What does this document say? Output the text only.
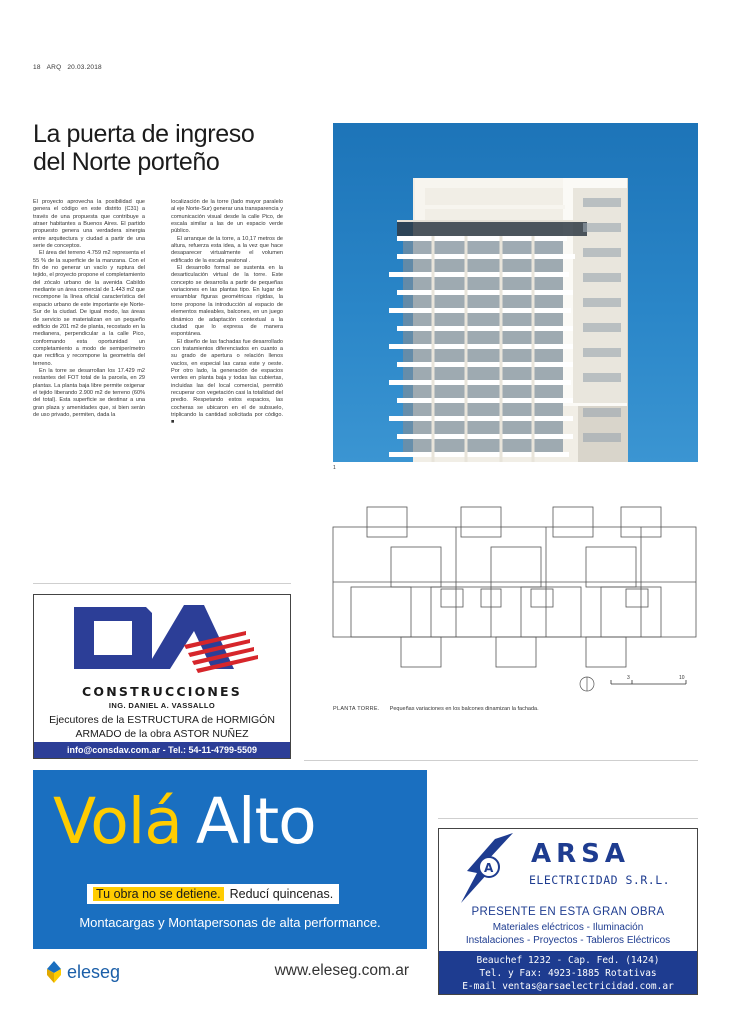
18 ARQ 20.03.2018
La puerta de ingreso
del Norte porteño

El proyecto aprovecha la posibilidad que genera el código en este distrito (C31) a través de una propuesta que contribuye a atraer habitantes a Buenos Aires. El partido propuesto genera una verdadera sinergia entre arquitectura y ciudad a partir de una serie de conceptos.

El área del terreno 4.759 m2 representa el 55 % de la superficie de la manzana. Con el fin de no generar un vacío y ruptura del tejido, el proyecto propone el completamiento del zócalo urbano de la avenida Cabildo mediante un área comercial de 1.443 m2 que recompone la línea oficial característica del espacio urbano de este importante eje Norte-Sur de la ciudad. De igual modo, las áreas de servicio se materializan en un pequeño edificio de 201 m2 de planta, recostado en la medianera, perpendicular a la calle Pico, conformando esta oportunidad un completamiento a modo de semiperímetro que rectifica y recompone la geometría del terreno.

En la torre se desarrollan los 17.429 m2 restantes del FOT total de la parcela, en 29 plantas. La planta baja libre permite oxigenar el tejido liberando 2.900 m2 de terreno (60% del total). Esta superficie se destinar a una gran plaza y amenidades que, si bien serán de uso privado, permiten, dada la

localización de la torre (lado mayor paralelo al eje Norte-Sur) generar una transparencia y comunicación visual desde la calle Pico, de escala similar a las de un espacio verde público.

El arranque de la torre, a 10,17 metros de altura, refuerza esta idea, a la vez que hace desaparecer virtualmente el volumen edificado de la escala peatonal .

El desarrollo formal se sustenta en la desarticulación virtual de la torre. Este concepto se desarrolla a partir de pequeñas variaciones en las plantas tipo. En lugar de ensamblar figuras geométricas rígidas, la torre propone la introducción al espacio de elementos maleables, balcones, en un juego dinámico de adaptación contextual a la ciudad que lo expresa de manera espontánea.

El diseño de las fachadas fue desarrollado con tratamientos diferenciados en cuanto a su grado de apertura o relación llenos vacíos, en especial las caras este y oeste. Por otro lado, la generación de espacios verdes en planta baja y todas las cubiertas, incluidas las del local comercial, permitió recuperar con vegetación casi la totalidad del predio. Respetando estos espacios, las cocheras se ubicaron en el de subsuelo, triplicando la cantidad solicitada por código. ■

1
3	10
PLANTA TORRE. Pequeñas variaciones en los balcones dinamizan la fachada.
CONSTRUCCIONES
ING. DANIEL A. VASSALLO
Ejecutores de la ESTRUCTURA de HORMIGÓN
ARMADO de la obra ASTOR NUÑEZ
info@consdav.com.ar - Tel.: 54-11-4799-5509
Volá Alto
Tu obra no se detiene. Reducí quincenas.
Montacargas y Montapersonas de alta performance.
eleseg	www.eleseg.com.ar
A ARSA
ELECTRICIDAD S.R.L.
PRESENTE EN ESTA GRAN OBRA
Materiales eléctricos - Iluminación
Instalaciones - Proyectos - Tableros Eléctricos
Beauchef 1232 - Cap. Fed. (1424)
Tel. y Fax: 4923-1885 Rotativas
E-mail ventas@arsaelectricidad.com.ar
